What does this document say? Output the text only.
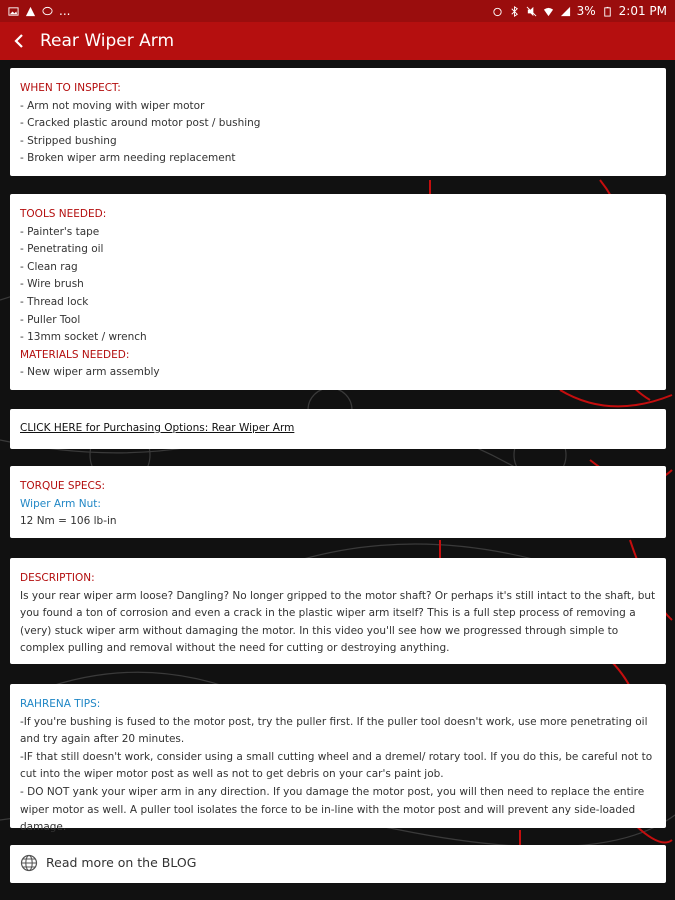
...	3% 2:01 PM
Rear Wiper Arm

WHEN TO INSPECT:

- Arm not moving with wiper motor

- Cracked plastic around motor post / bushing

- Stripped bushing

- Broken wiper arm needing replacement

TOOLS NEEDED:

- Painter's tape

- Penetrating oil

- Clean rag

- Wire brush

- Thread lock

- Puller Tool

- 13mm socket / wrench

MATERIALS NEEDED:

- New wiper arm assembly

CLICK HERE for Purchasing Options: Rear Wiper Arm

TORQUE SPECS:

Wiper Arm Nut:

12 Nm = 106 lb-in

DESCRIPTION:

Is your rear wiper arm loose? Dangling? No longer gripped to the motor shaft? Or perhaps it's still intact to the shaft, but you found a ton of corrosion and even a crack in the plastic wiper arm itself? This is a full step process of removing a (very) stuck wiper arm without damaging the motor. In this video you'll see how we progressed through simple to complex pulling and removal without the need for cutting or destroying anything.

RAHRENA TIPS:

-If you're bushing is fused to the motor post, try the puller first. If the puller tool doesn't work, use more penetrating oil and try again after 20 minutes.

-IF that still doesn't work, consider using a small cutting wheel and a dremel/ rotary tool. If you do this, be careful not to cut into the wiper motor post as well as not to get debris on your car's paint job.

- DO NOT yank your wiper arm in any direction. If you damage the motor post, you will then need to replace the entire wiper motor as well. A puller tool isolates the force to be in-line with the motor post and will prevent any side-loaded damage.

Read more on the BLOG
